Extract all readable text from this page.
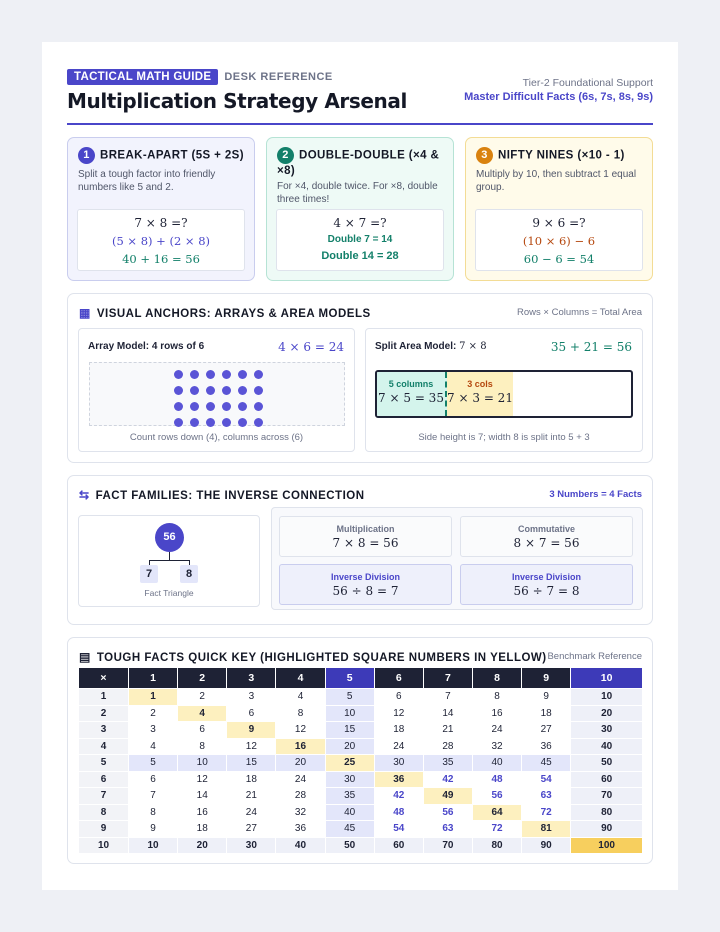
TACTICAL MATH GUIDE DESK REFERENCE
Multiplication Strategy Arsenal
Tier-2 Foundational Support
Master Difficult Facts (6s, 7s, 8s, 9s)
1 BREAK-APART (5S + 2S)
Split a tough factor into friendly numbers like 5 and 2.
7 × 8 =?
(5 × 8) + (2 × 8)
40 + 16 = 56
2 DOUBLE-DOUBLE (×4 & ×8)
For ×4, double twice. For ×8, double three times!
4 × 7 =?
Double 7 = 14
Double 14 = 28
3 NIFTY NINES (×10 - 1)
Multiply by 10, then subtract 1 equal group.
9 × 6 =?
(10 × 6) − 6
60 − 6 = 54
▦ VISUAL ANCHORS: ARRAYS & AREA MODELS	Rows × Columns = Total Area
Array Model: 4 rows of 6	4 × 6 = 24
Count rows down (4), columns across (6)
Split Area Model: 7 × 8	35 + 21 = 56
5 columns
7 × 5 = 35
3 cols
7 × 3 = 21
Side height is 7; width 8 is split into 5 + 3
⇆ FACT FAMILIES: THE INVERSE CONNECTION	3 Numbers = 4 Facts
56
7	8
Fact Triangle
Multiplication
7 × 8 = 56
Commutative
8 × 7 = 56
Inverse Division
56 ÷ 8 = 7
Inverse Division
56 ÷ 7 = 8
▤ TOUGH FACTS QUICK KEY (HIGHLIGHTED SQUARE NUMBERS IN YELLOW) Benchmark Reference
×	1	2	3	4	5	6	7	8	9	10
1	1	2	3	4	5	6	7	8	9	10
2	2	4	6	8	10	12	14	16	18	20
3	3	6	9	12	15	18	21	24	27	30
4	4	8	12	16	20	24	28	32	36	40
5	5	10	15	20	25	30	35	40	45	50
6	6	12	18	24	30	36	42	48	54	60
7	7	14	21	28	35	42	49	56	63	70
8	8	16	24	32	40	48	56	64	72	80
9	9	18	27	36	45	54	63	72	81	90
10	10	20	30	40	50	60	70	80	90	100
